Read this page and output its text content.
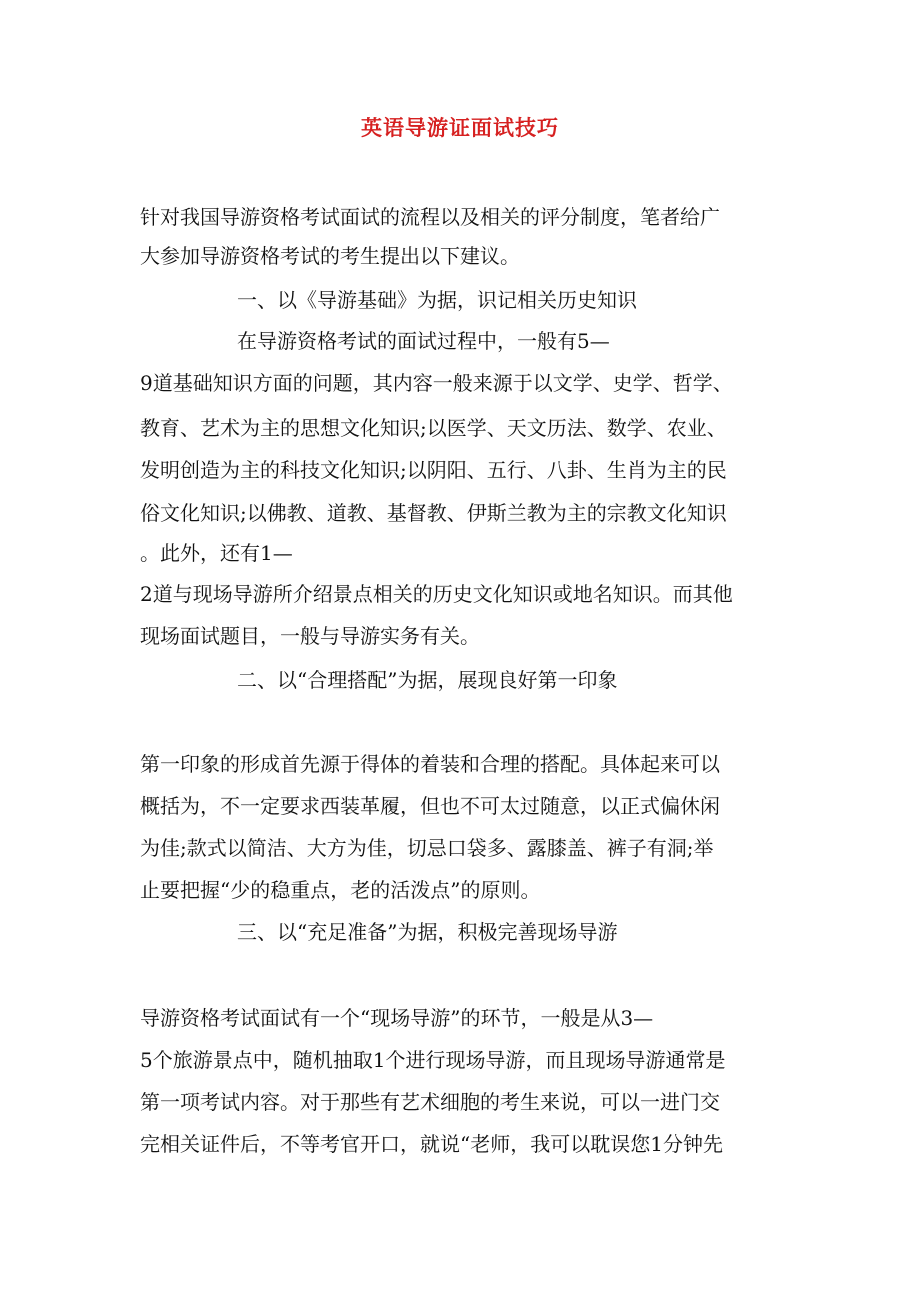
英语导游证面试技巧
针对我国导游资格考试面试的流程以及相关的评分制度，笔者给广
大参加导游资格考试的考生提出以下建议。
一、以《导游基础》为据，识记相关历史知识
在导游资格考试的面试过程中，一般有5—
9道基础知识方面的问题，其内容一般来源于以文学、史学、哲学、
教育、艺术为主的思想文化知识;以医学、天文历法、数学、农业、
发明创造为主的科技文化知识;以阴阳、五行、八卦、生肖为主的民
俗文化知识;以佛教、道教、基督教、伊斯兰教为主的宗教文化知识
。此外，还有1—
2道与现场导游所介绍景点相关的历史文化知识或地名知识。而其他
现场面试题目，一般与导游实务有关。
二、以“合理搭配”为据，展现良好第一印象
第一印象的形成首先源于得体的着装和合理的搭配。具体起来可以
概括为，不一定要求西装革履，但也不可太过随意，以正式偏休闲
为佳;款式以简洁、大方为佳，切忌口袋多、露膝盖、裤子有洞;举
止要把握“少的稳重点，老的活泼点”的原则。
三、以“充足准备”为据，积极完善现场导游
导游资格考试面试有一个“现场导游”的环节，一般是从3—
5个旅游景点中，随机抽取1个进行现场导游，而且现场导游通常是
第一项考试内容。对于那些有艺术细胞的考生来说，可以一进门交
完相关证件后，不等考官开口，就说“老师，我可以耽误您1分钟先
